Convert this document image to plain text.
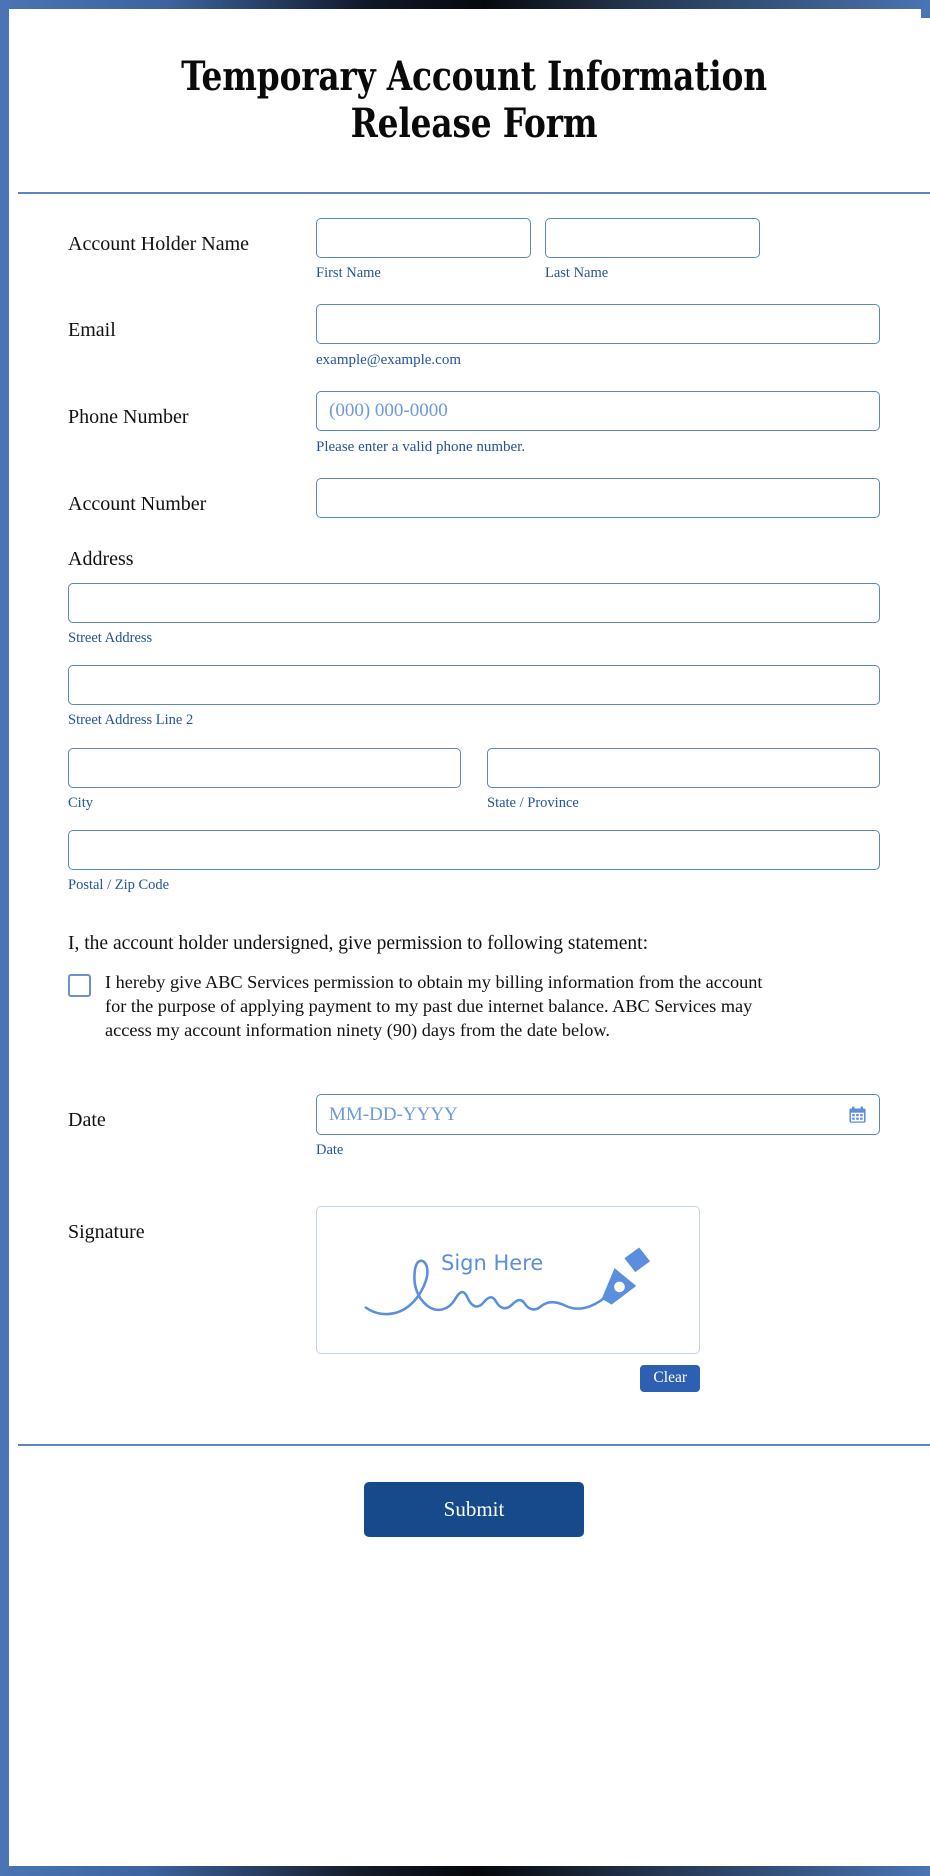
Temporary Account Information Release Form
Account Holder Name
First Name	Last Name
Email
example@example.com
Phone Number
(000) 000-0000
Please enter a valid phone number.
Account Number
Address
Street Address
Street Address Line 2
City	State / Province
Postal / Zip Code
I, the account holder undersigned, give permission to following statement:
I hereby give ABC Services permission to obtain my billing information from the account for the purpose of applying payment to my past due internet balance. ABC Services may access my account information ninety (90) days from the date below.
Date
MM-DD-YYYY
Date
Signature
Sign Here
Clear
Submit
